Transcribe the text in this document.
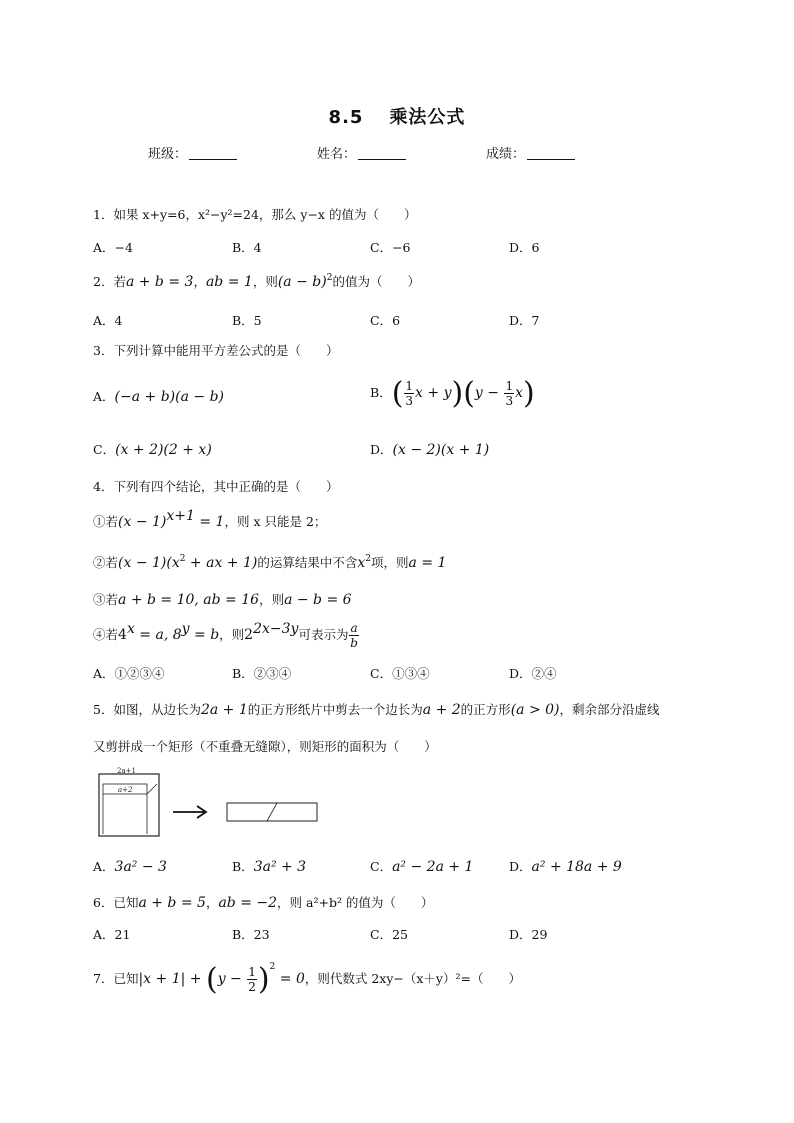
8.5 乘法公式
班级：	姓名：	成绩：
1．如果 x+y=6，x²−y²=24，那么 y−x 的值为（　　）
A．−4	B．4	C．−6	D．6
2．若a + b = 3，ab = 1，则$(a - b)^2$的值为（　　）
A．4	B．5	C．6	D．7
3．下列计算中能用平方差公式的是（　　）
A．(−a + b)(a − b)	B．( $\frac{1}{3}$ $x + y)(y - \frac{1}{3} x)$
C．(x + 2)(2 + x)	D．(x − 2)(x + 1)
4．下列有四个结论，其中正确的是（　　）
①若$(x - 1)^{x+1} = 1$，则 x 只能是 2；
②若$(x - 1)(x^2$ + ax + 1)的运算结果中不含$x^2$项，则a = 1
③若a + b = 10, ab = 16，则a − b = 6
④若$4^x = a$, $8^y = b$，则$2^{2x-3y}$可表示为 $\frac{a}{b}$
A．①②③④	B．②③④	C．①③④	D．②④
5．如图，从边长为2a + 1的正方形纸片中剪去一个边长为a + 2的正方形(a > 0)，剩余部分沿虚线
又剪拼成一个矩形（不重叠无缝隙），则矩形的面积为（　　）
2a+1
a+2
A．3a² − 3	B．3a² + 3	C．a² − 2a + 1	D．a² + 18a + 9
6．已知a + b = 5，ab = −2，则 a²+b² 的值为（　　）
A．21	B．23	C．25	D．29
7．已知$|x + 1| + (y - \frac{1}{2} )^2 = 0$，则代数式 2xy−（x＋y）²=（　　）
